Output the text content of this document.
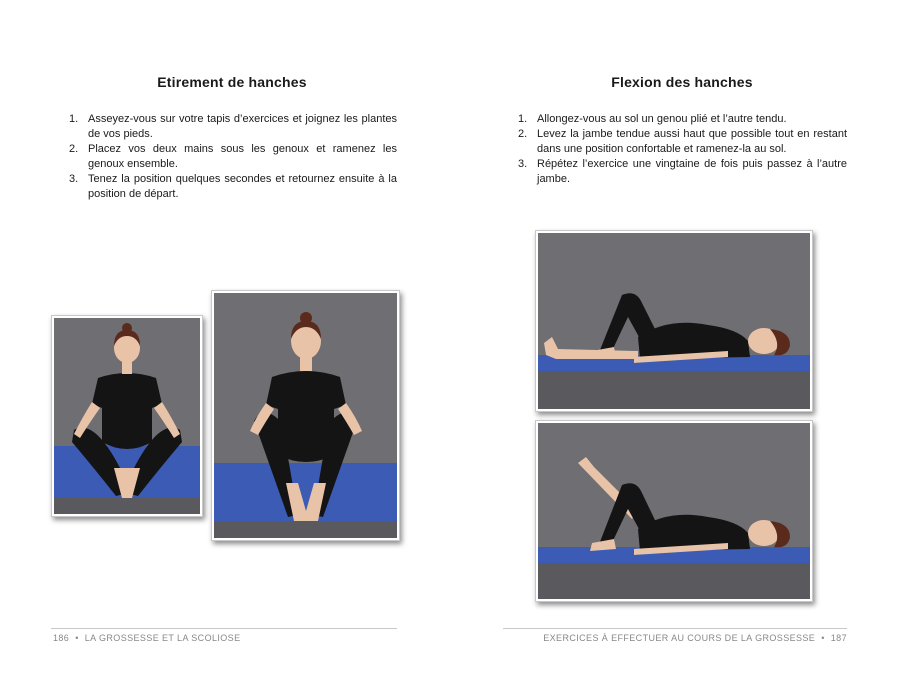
Etirement de hanches
1. Asseyez-vous sur votre tapis d’exercices et joignez les plantes de vos pieds.
2. Placez vos deux mains sous les genoux et ramenez les genoux ensemble.
3. Tenez la position quelques secondes et retournez ensuite à la position de départ.
186 • LA GROSSESSE ET LA SCOLIOSE
Flexion des hanches
1. Allongez-vous au sol un genou plié et l’autre tendu.
2. Levez la jambe tendue aussi haut que possible tout en restant dans une position confortable et ramenez-la au sol.
3. Répétez l’exercice une vingtaine de fois puis passez à l’autre jambe.
EXERCICES À EFFECTUER AU COURS DE LA GROSSESSE • 187
